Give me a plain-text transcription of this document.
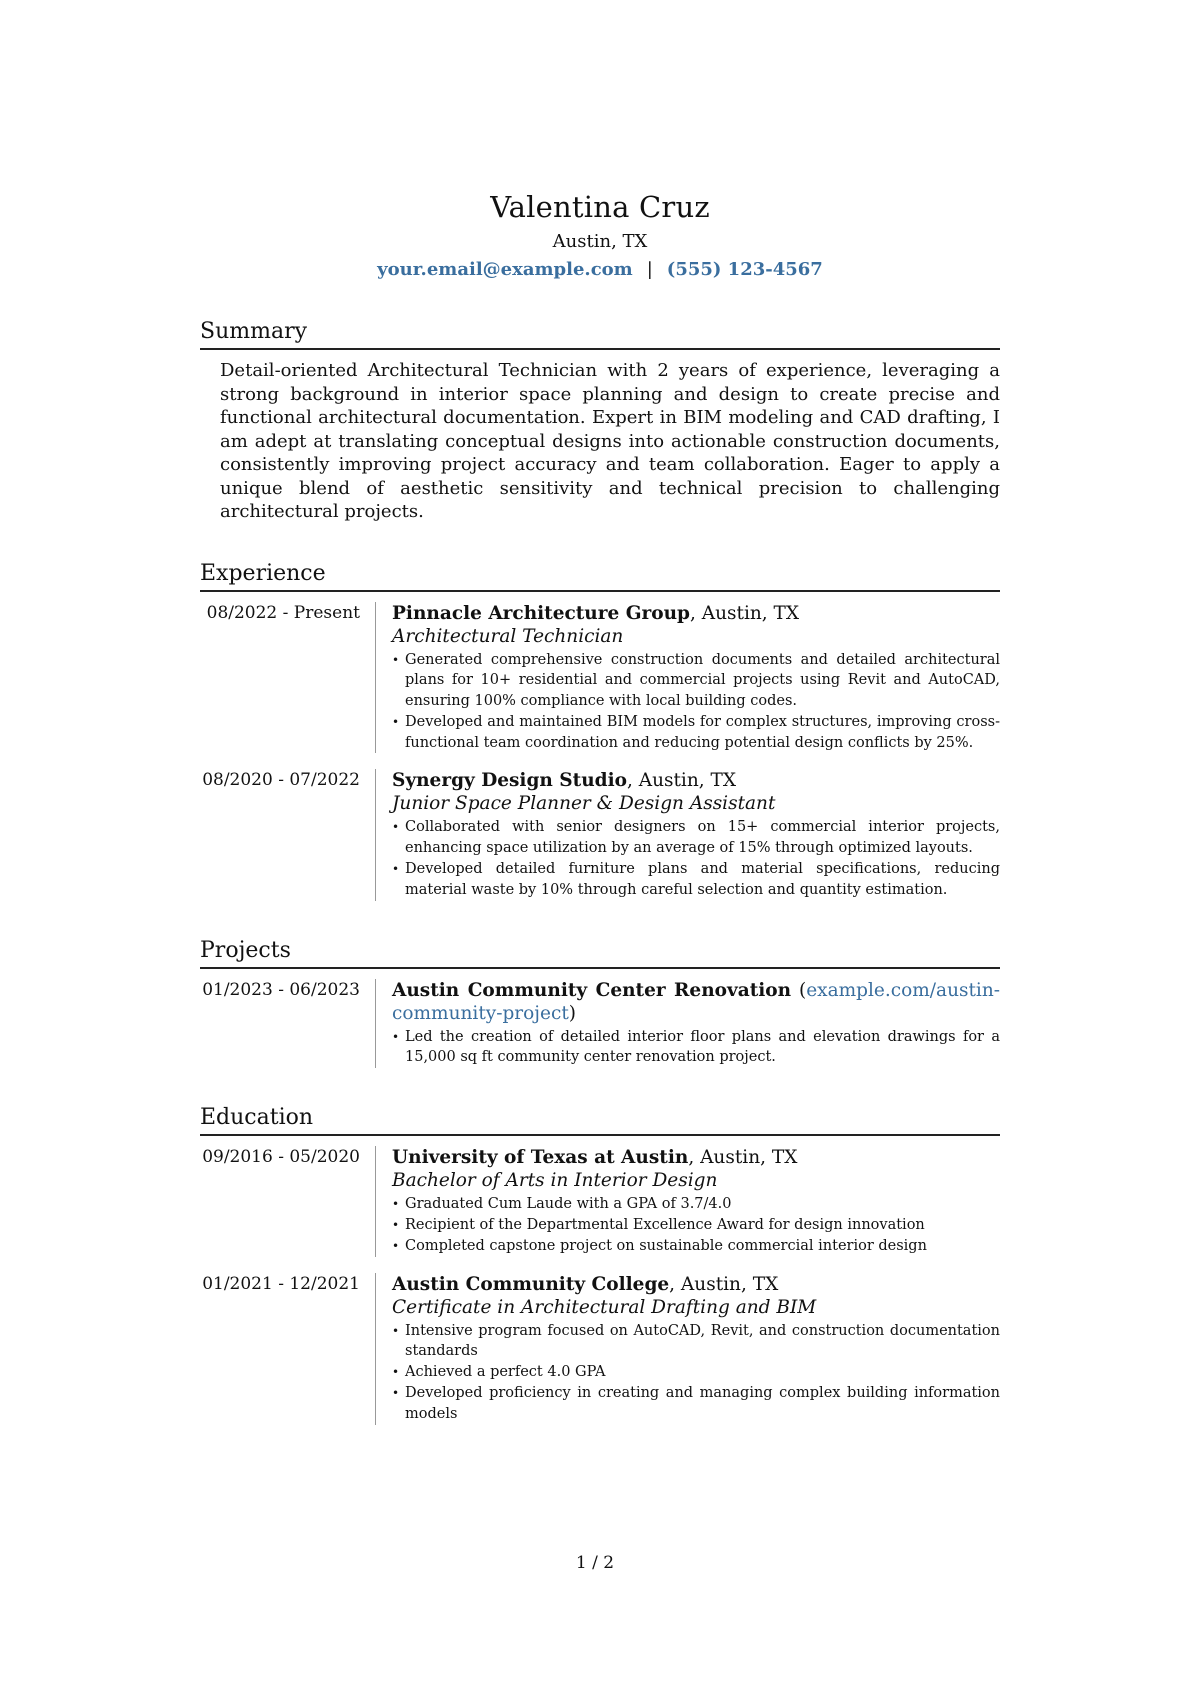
Valentina Cruz
Austin, TX
your.email@example.com | (555) 123-4567
Summary
Detail-oriented Architectural Technician with 2 years of experience, leveraging a strong background in interior space planning and design to create precise and functional architectural documentation. Expert in BIM modeling and CAD drafting, I am adept at translating conceptual designs into actionable construction documents, consistently improving project accuracy and team collaboration. Eager to apply a unique blend of aesthetic sensitivity and technical precision to challenging architectural projects.
Experience
08/2022 - Present	Pinnacle Architecture Group, Austin, TX
Architectural Technician
• Generated comprehensive construction documents and detailed architectural plans for 10+ residential and commercial projects using Revit and AutoCAD, ensuring 100% compliance with local building codes.
• Developed and maintained BIM models for complex structures, improving cross-functional team coordination and reducing potential design conflicts by 25%.
08/2020 - 07/2022	Synergy Design Studio, Austin, TX
Junior Space Planner & Design Assistant
• Collaborated with senior designers on 15+ commercial interior projects, enhancing space utilization by an average of 15% through optimized layouts.
• Developed detailed furniture plans and material specifications, reducing material waste by 10% through careful selection and quantity estimation.
Projects
01/2023 - 06/2023	Austin Community Center Renovation (example.com/austin-community-project)
• Led the creation of detailed interior floor plans and elevation drawings for a 15,000 sq ft community center renovation project.
Education
09/2016 - 05/2020	University of Texas at Austin, Austin, TX
Bachelor of Arts in Interior Design
• Graduated Cum Laude with a GPA of 3.7/4.0
• Recipient of the Departmental Excellence Award for design innovation
• Completed capstone project on sustainable commercial interior design
01/2021 - 12/2021	Austin Community College, Austin, TX
Certificate in Architectural Drafting and BIM
• Intensive program focused on AutoCAD, Revit, and construction documentation standards
• Achieved a perfect 4.0 GPA
• Developed proficiency in creating and managing complex building information models
1 / 2
